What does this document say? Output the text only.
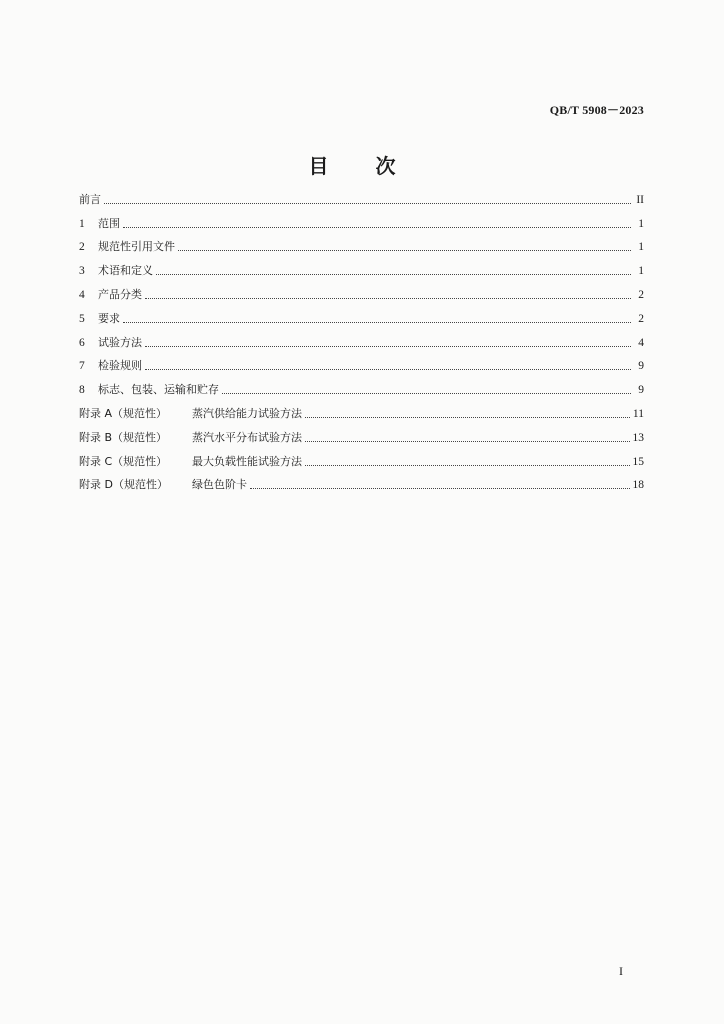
QB/T 5908－2023
目 次
前言	II
1	范围	1
2	规范性引用文件	1
3	术语和定义	1
4	产品分类	2
5	要求	2
6	试验方法	4
7	检验规则	9
8	标志、包装、运输和贮存	9
附录 A（规范性）	蒸汽供给能力试验方法	11
附录 B（规范性）	蒸汽水平分布试验方法	13
附录 C（规范性）	最大负载性能试验方法	15
附录 D（规范性）	绿色色阶卡	18
I
